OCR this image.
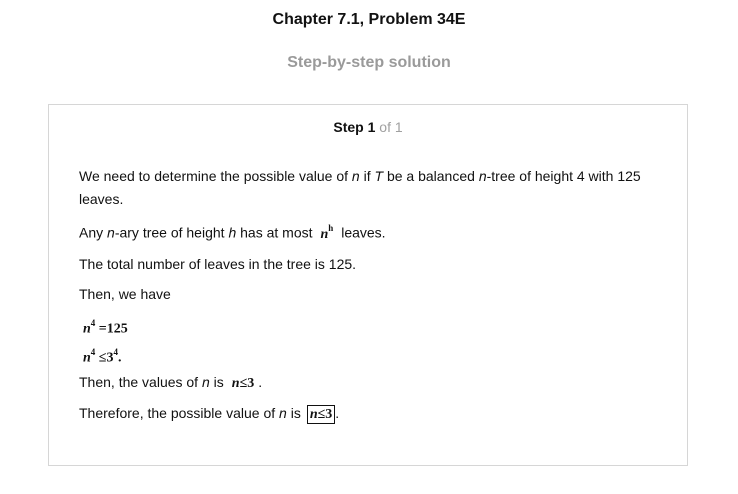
Chapter 7.1, Problem 34E
Step-by-step solution
Step 1 of 1

We need to determine the possible value of n if T be a balanced n-tree of height 4 with 125 leaves.

Any n-ary tree of height h has at most $n^h$ leaves.

The total number of leaves in the tree is 125.

Then, we have

$n^4 =125$
$n^4 \le 3^4$.

Then, the values of n is n≤3 .

Therefore, the possible value of n is n≤3 .
